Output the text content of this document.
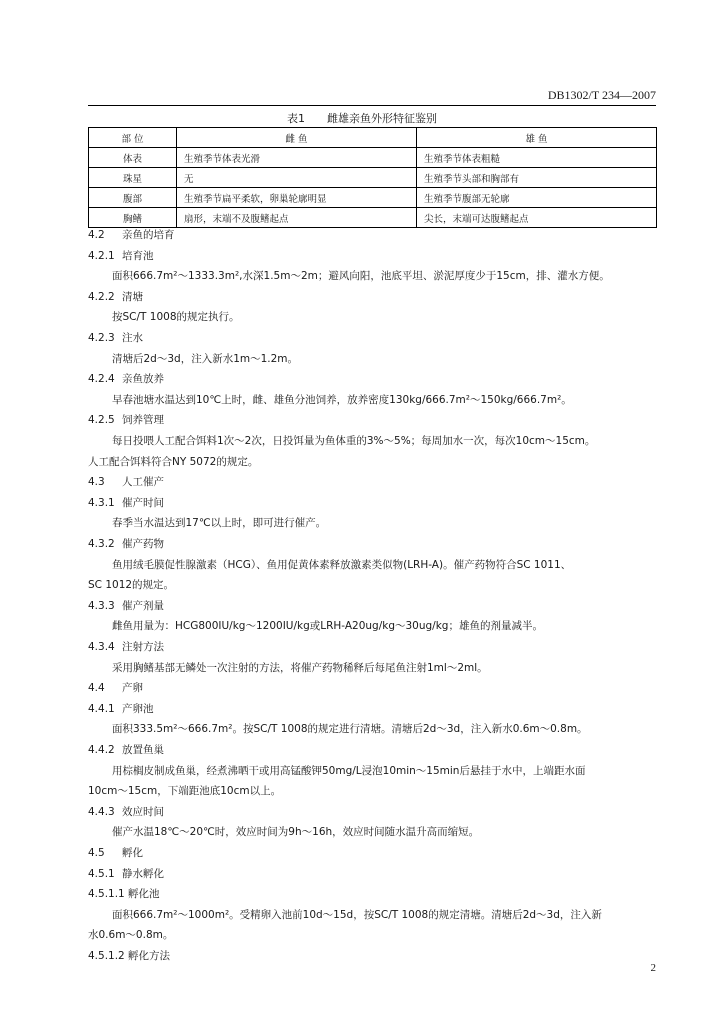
DB1302/T 234—2007
表1 雌雄亲鱼外形特征鉴别
部 位	雌 鱼	雄 鱼
体表	生殖季节体表光滑	生殖季节体表粗糙
珠星	无	生殖季节头部和胸部有
腹部	生殖季节扁平柔软，卵巢轮廓明显	生殖季节腹部无轮廓
胸鳍	扇形，末端不及腹鳍起点	尖长，末端可达腹鳍起点
4.2 亲鱼的培育
4.2.1 培育池
面积666.7m²～1333.3m²,水深1.5m～2m；避风向阳，池底平坦、淤泥厚度少于15cm，排、灌水方便。
4.2.2 清塘
按SC/T 1008的规定执行。
4.2.3 注水
清塘后2d～3d，注入新水1m～1.2m。
4.2.4 亲鱼放养
早春池塘水温达到10℃上时，雌、雄鱼分池饲养，放养密度130kg/666.7m²～150kg/666.7m²。
4.2.5 饲养管理
每日投喂人工配合饵料1次～2次，日投饵量为鱼体重的3%～5%；每周加水一次，每次10cm～15cm。
人工配合饵料符合NY 5072的规定。
4.3 人工催产
4.3.1 催产时间
春季当水温达到17℃以上时，即可进行催产。
4.3.2 催产药物
鱼用绒毛膜促性腺激素（HCG）、鱼用促黄体素释放激素类似物(LRH-A)。催产药物符合SC 1011、
SC 1012的规定。
4.3.3 催产剂量
雌鱼用量为：HCG800IU/kg～1200IU/kg或LRH-A20ug/kg～30ug/kg；雄鱼的剂量减半。
4.3.4 注射方法
采用胸鳍基部无鳞处一次注射的方法，将催产药物稀释后每尾鱼注射1ml～2ml。
4.4 产卵
4.4.1 产卵池
面积333.5m²～666.7m²。按SC/T 1008的规定进行清塘。清塘后2d～3d，注入新水0.6m～0.8m。
4.4.2 放置鱼巢
用棕榈皮制成鱼巢，经煮沸晒干或用高锰酸钾50mg/L浸泡10min～15min后悬挂于水中，上端距水面
10cm～15cm，下端距池底10cm以上。
4.4.3 效应时间
催产水温18℃～20℃时，效应时间为9h～16h，效应时间随水温升高而缩短。
4.5 孵化
4.5.1 静水孵化
4.5.1.1 孵化池
面积666.7m²～1000m²。受精卵入池前10d～15d，按SC/T 1008的规定清塘。清塘后2d～3d，注入新
水0.6m～0.8m。
4.5.1.2 孵化方法
2
